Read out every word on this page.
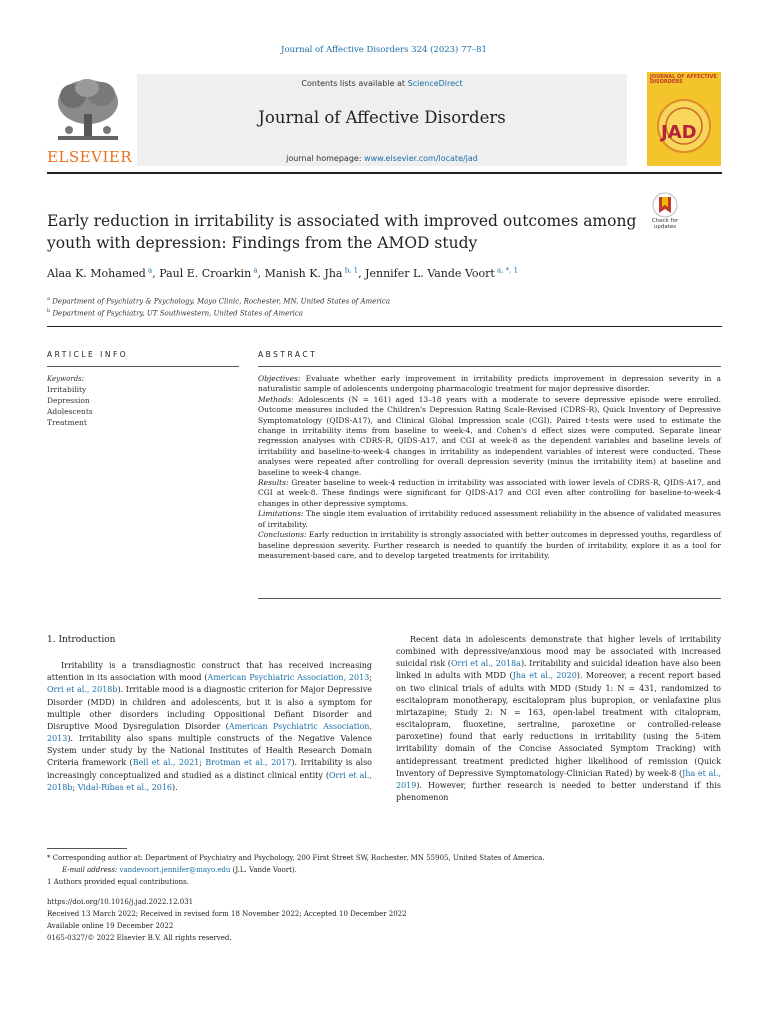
Journal of Affective Disorders 324 (2023) 77–81
ELSEVIER
Contents lists available at ScienceDirect
Journal of Affective Disorders
journal homepage: www.elsevier.com/locate/jad
JOURNAL OF AFFECTIVE DISORDERS
JAD
Early reduction in irritability is associated with improved outcomes among
youth with depression: Findings from the AMOD study
Check for
updates
Alaa K. Mohamed  $^a$, Paul E. Croarkin  $^a$, Manish K. Jha  $^{b, 1}$, Jennifer L. Vande Voort  $^{a, *, 1}$
$^a$ Department of Psychiatry & Psychology, Mayo Clinic, Rochester, MN, United States of America
$^b$ Department of Psychiatry, UT Southwestern, United States of America
ARTICLE INFO
Keywords:
Irritability
Depression
Adolescents
Treatment
ABSTRACT

Objectives: Evaluate whether early improvement in irritability predicts improvement in depression severity in a naturalistic sample of adolescents undergoing pharmacologic treatment for major depressive disorder.

Methods: Adolescents (N = 161) aged 13–18 years with a moderate to severe depressive episode were enrolled. Outcome measures included the Children's Depression Rating Scale-Revised (CDRS-R), Quick Inventory of Depressive Symptomatology (QIDS-A17), and Clinical Global Impression scale (CGI). Paired t-tests were used to estimate the change in irritability items from baseline to week-4, and Cohen's d effect sizes were computed. Separate linear regression analyses with CDRS-R, QIDS-A17, and CGI at week-8 as the dependent variables and baseline levels of irritability and baseline-to-week-4 changes in irritability as independent variables of interest were conducted. These analyses were repeated after controlling for overall depression severity (minus the irritability item) at baseline and baseline to week-4 change.

Results: Greater baseline to week-4 reduction in irritability was associated with lower levels of CDRS-R, QIDS-A17, and CGI at week-8. These findings were significant for QIDS-A17 and CGI even after controlling for baseline-to-week-4 changes in other depressive symptoms.

Limitations: The single item evaluation of irritability reduced assessment reliability in the absence of validated measures of irritability.

Conclusions: Early reduction in irritability is strongly associated with better outcomes in depressed youths, regardless of baseline depression severity. Further research is needed to quantify the burden of irritability, explore it as a tool for measurement-based care, and to develop targeted treatments for irritability.

1. Introduction

Irritability is a transdiagnostic construct that has received increasing attention in its association with mood (American Psychiatric Association, 2013; Orri et al., 2018b). Irritable mood is a diagnostic criterion for Major Depressive Disorder (MDD) in children and adolescents, but it is also a symptom for multiple other disorders including Oppositional Defiant Disorder and Disruptive Mood Dysregulation Disorder (American Psychiatric Association, 2013). Irritability also spans multiple constructs of the Negative Valence System under study by the National Institutes of Health Research Domain Criteria framework (Bell et al., 2021; Brotman et al., 2017). Irritability is also increasingly conceptualized and studied as a distinct clinical entity (Orri et al., 2018b; Vidal-Ribas et al., 2016).

Recent data in adolescents demonstrate that higher levels of irritability combined with depressive/anxious mood may be associated with increased suicidal risk (Orri et al., 2018a). Irritability and suicidal ideation have also been linked in adults with MDD (Jha et al., 2020). Moreover, a recent report based on two clinical trials of adults with MDD (Study 1: N = 431, randomized to escitalopram monotherapy, escitalopram plus bupropion, or venlafaxine plus mirtazapine; Study 2: N = 163, open-label treatment with citalopram, escitalopram, fluoxetine, sertraline, paroxetine or controlled-release paroxetine) found that early reductions in irritability (using the 5-item irritability domain of the Concise Associated Symptom Tracking) with antidepressant treatment predicted higher likelihood of remission (Quick Inventory of Depressive Symptomatology-Clinician Rated) by week-8 (Jha et al., 2019). However, further research is needed to better understand if this phenomenon

* Corresponding author at: Department of Psychiatry and Psychology, 200 First Street SW, Rochester, MN 55905, United States of America.
E-mail address: vandevoort.jennifer@mayo.edu (J.L. Vande Voort).
1 Authors provided equal contributions.
https://doi.org/10.1016/j.jad.2022.12.031
Received 13 March 2022; Received in revised form 18 November 2022; Accepted 10 December 2022
Available online 19 December 2022
0165-0327/© 2022 Elsevier B.V. All rights reserved.
